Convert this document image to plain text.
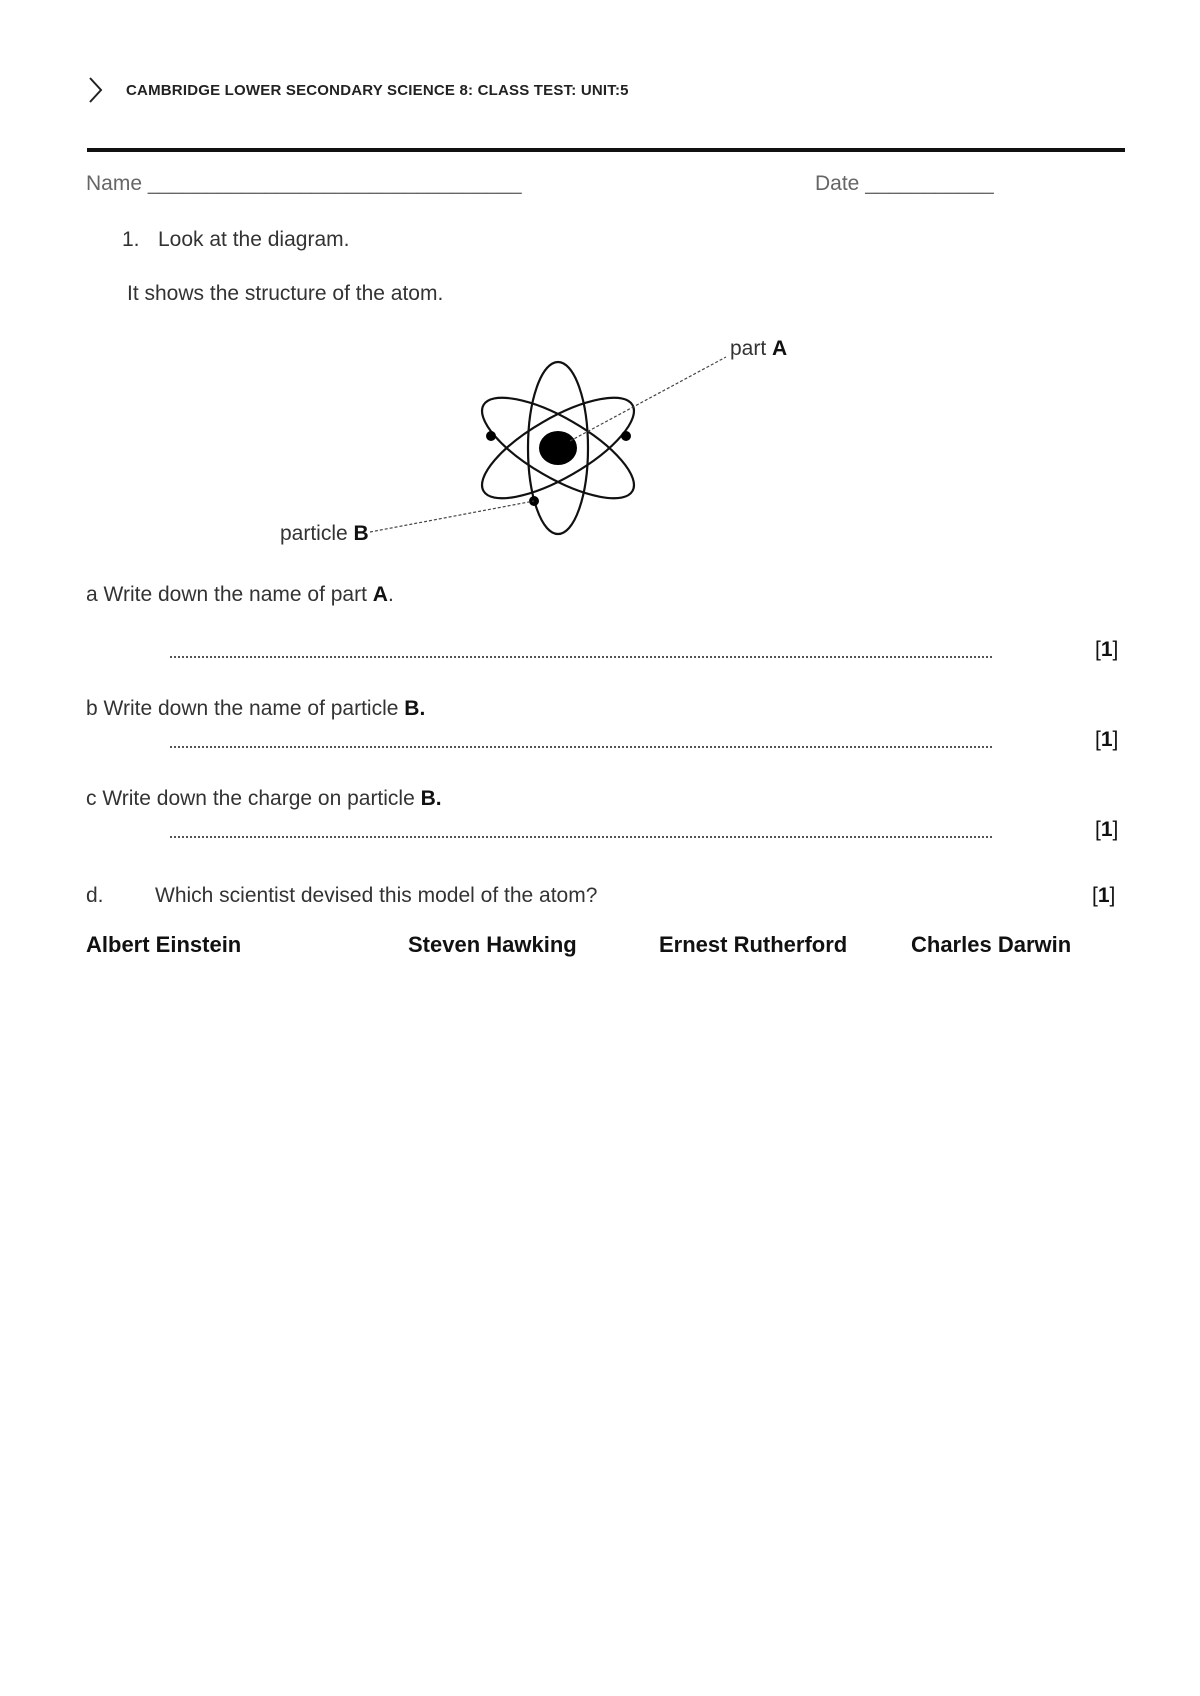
CAMBRIDGE LOWER SECONDARY SCIENCE 8: CLASS TEST: UNIT:5
Name ________________________________	Date ___________
1. Look at the diagram.
It shows the structure of the atom.
part A
particle B
a Write down the name of part A.
[1]
b Write down the name of particle B.
[1]
c Write down the charge on particle B.
[1]
d. Which scientist devised this model of the atom?	[1]
Albert Einstein	Steven Hawking	Ernest Rutherford	Charles Darwin
